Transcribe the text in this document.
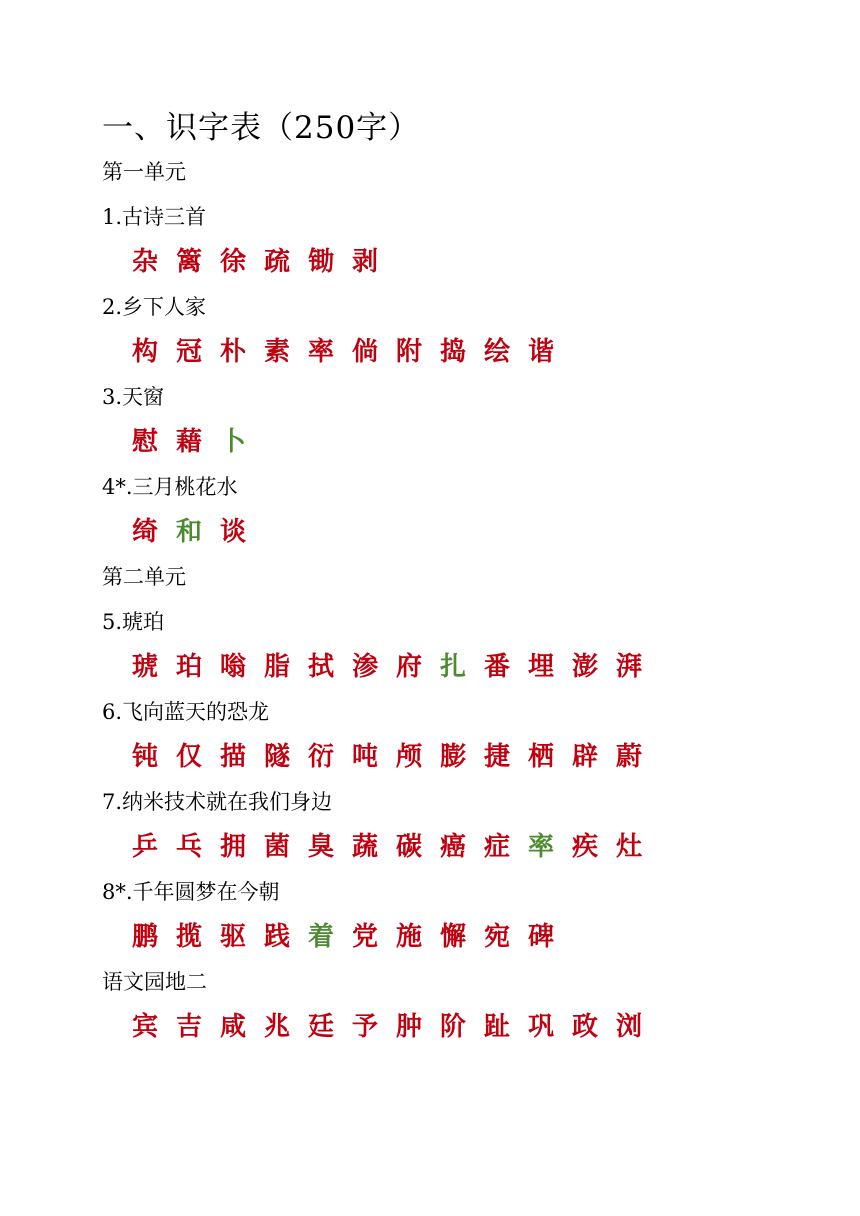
一、识字表（250字）
第一单元
1.古诗三首
杂 篱 徐 疏 锄 剥
2.乡下人家
构 冠 朴 素 率 倘 附 捣 绘 谐
3.天窗
慰 藉 卜
4*.三月桃花水
绮 和 谈
第二单元
5.琥珀
琥 珀 嗡 脂 拭 渗 府 扎 番 埋 澎 湃
6.飞向蓝天的恐龙
钝 仅 描 隧 衍 吨 颅 膨 捷 栖 辟 蔚
7.纳米技术就在我们身边
乒 乓 拥 菌 臭 蔬 碳 癌 症 率 疾 灶
8*.千年圆梦在今朝
鹏 揽 驱 践 着 党 施 懈 宛 碑
语文园地二
宾 吉 咸 兆 廷 予 肿 阶 趾 巩 政 浏
